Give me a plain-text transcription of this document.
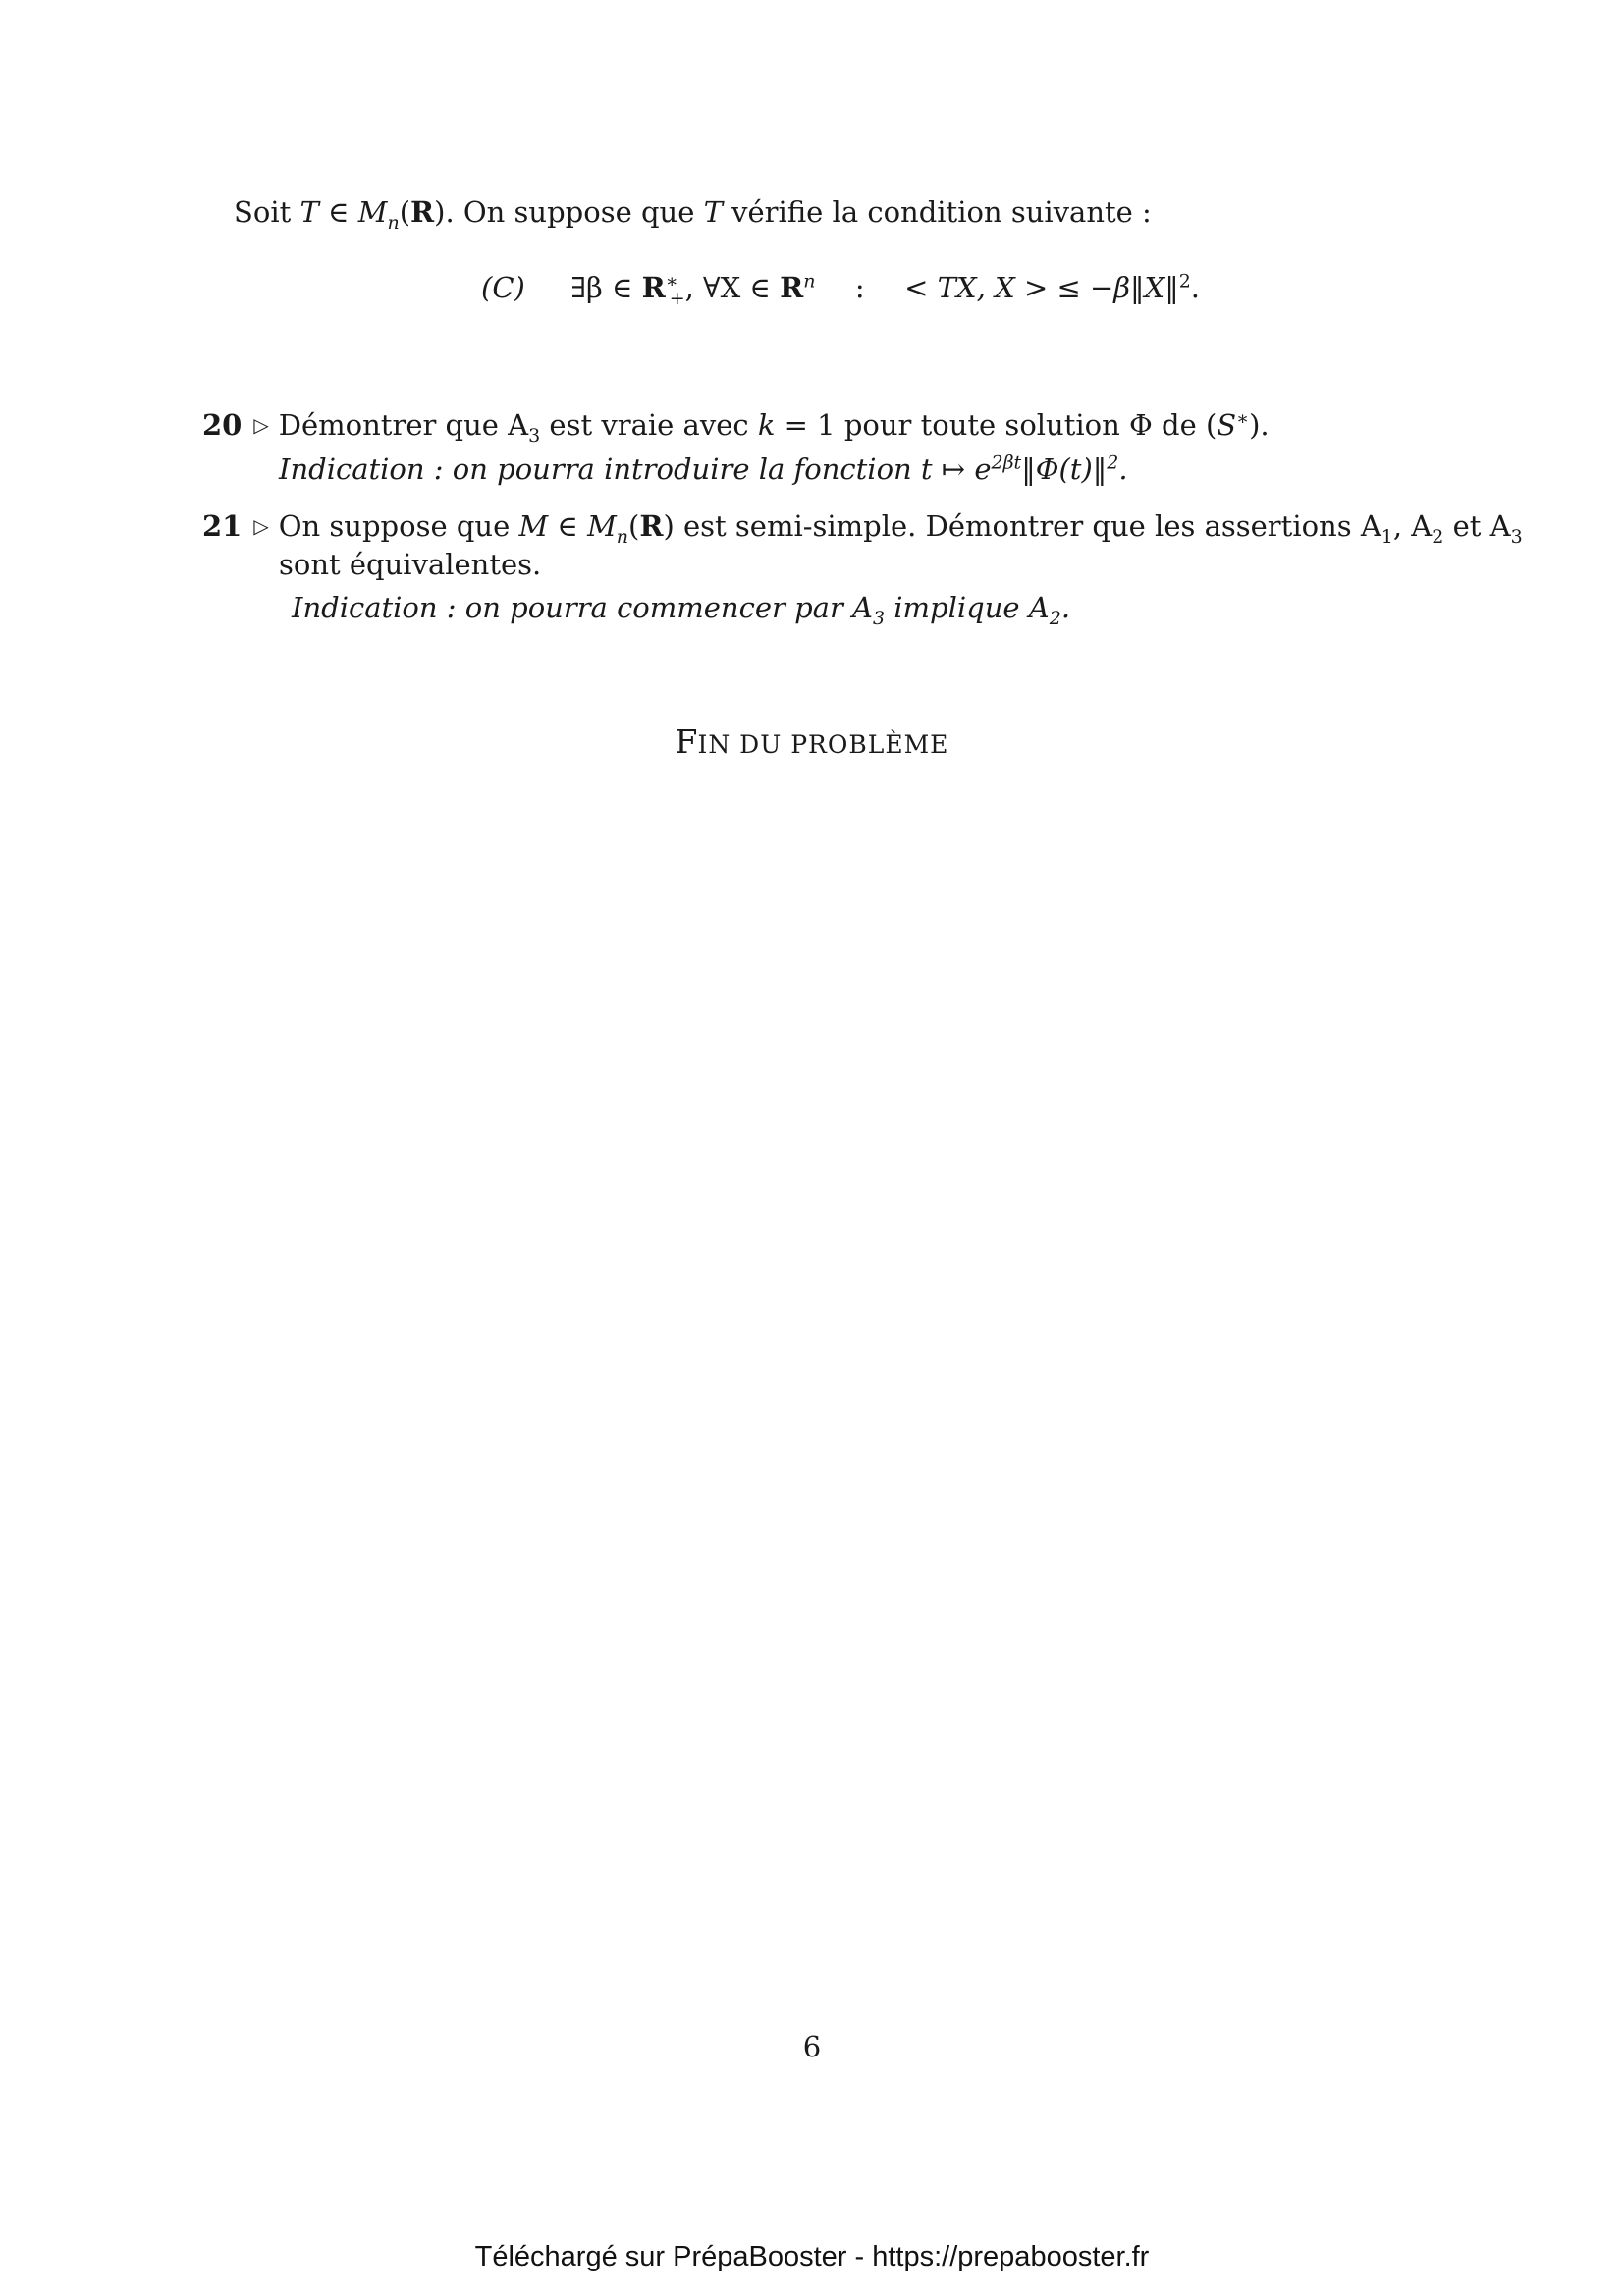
Soit T ∈ $M_n(R)$. On suppose que T vérifie la condition suivante :
(C) ∃β ∈ $R^∗_+$, ∀X ∈ $R^n$ : < TX, X > ≤ −β‖X‖$^2$.
20 ▷ Démontrer que $A_3$ est vraie avec k = 1 pour toute solution Φ de (S∗).
Indication : on pourra introduire la fonction t ↦ $e^{2\beta t}‖\Phi(t)‖^2$.
21 ▷ On suppose que M ∈ $M_n(R)$ est semi-simple. Démontrer que les assertions $A_1$, $A_2$ et $A_3$
sont équivalentes.
Indication : on pourra commencer par $A_3$ implique $A_2$.
FIN DU PROBLÈME
6
Téléchargé sur PrépaBooster - https://prepabooster.fr
